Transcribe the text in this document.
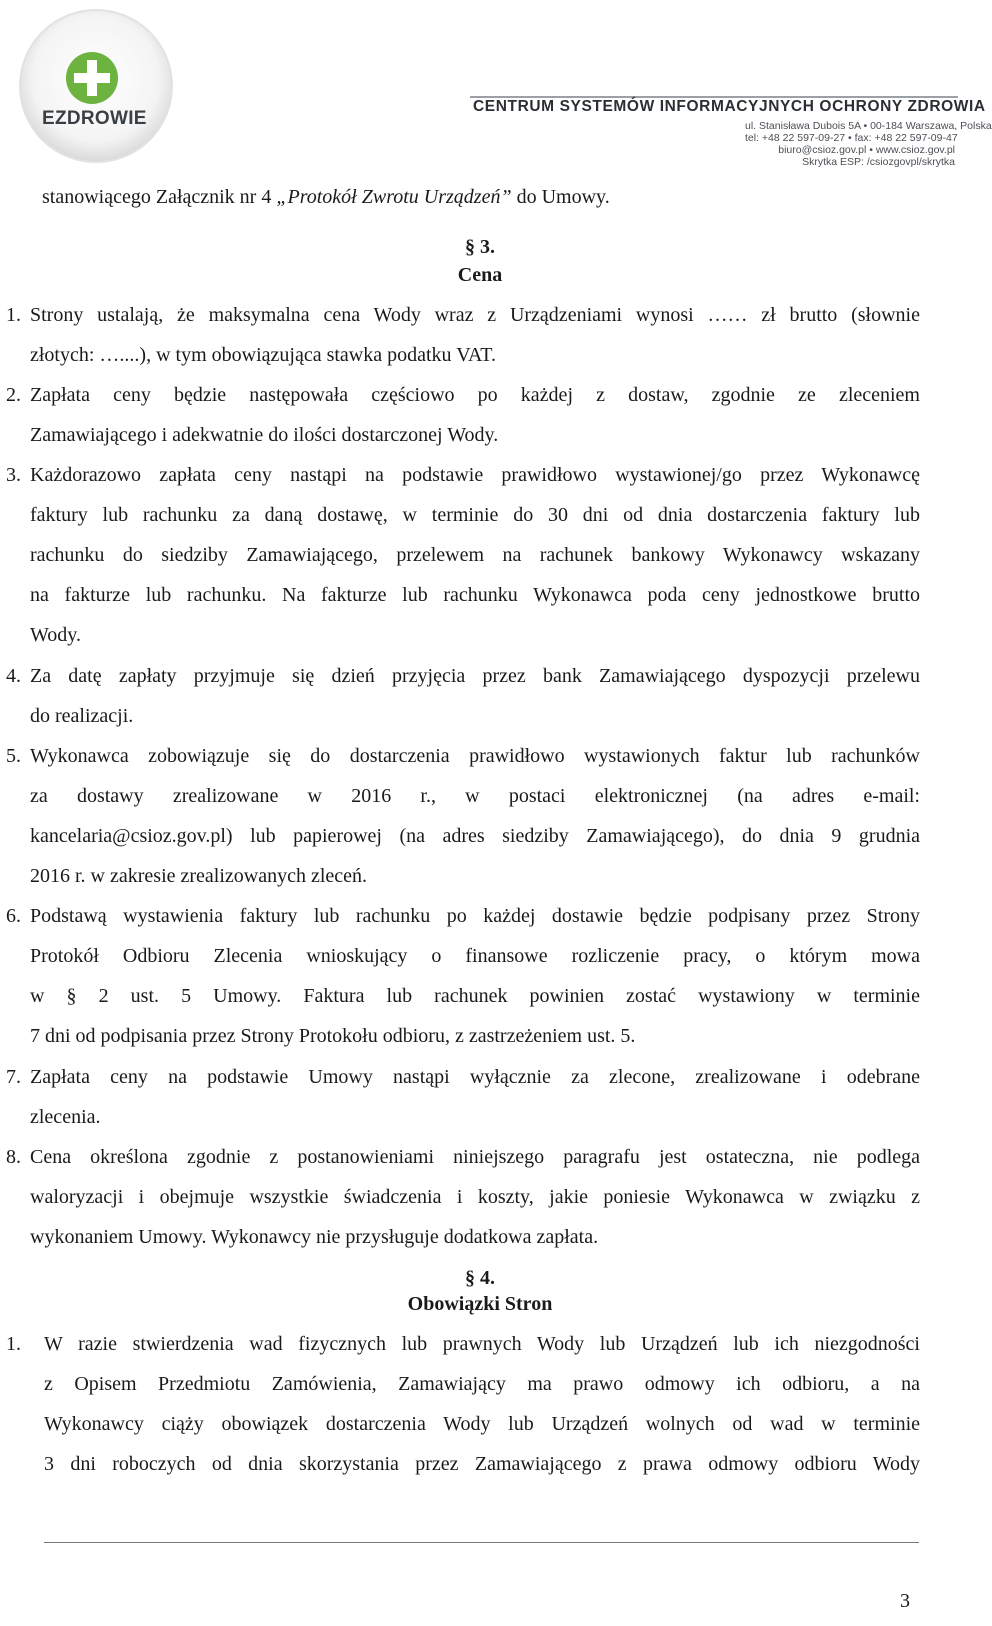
EZDROWIE
CENTRUM SYSTEMÓW INFORMACYJNYCH OCHRONY ZDROWIA
ul. Stanisława Dubois 5A • 00-184 Warszawa, Polska
tel: +48 22 597-09-27 • fax: +48 22 597-09-47
biuro@csioz.gov.pl • www.csioz.gov.pl
Skrytka ESP: /csiozgovpl/skrytka
stanowiącego Załącznik nr 4 „Protokół Zwrotu Urządzeń” do Umowy.
§ 3.
Cena
1. Strony ustalają, że maksymalna cena Wody wraz z Urządzeniami wynosi …… zł brutto (słownie
złotych: …....), w tym obowiązująca stawka podatku VAT.
2. Zapłata ceny będzie następowała częściowo po każdej z dostaw, zgodnie ze zleceniem
Zamawiającego i adekwatnie do ilości dostarczonej Wody.
3. Każdorazowo zapłata ceny nastąpi na podstawie prawidłowo wystawionej/go przez Wykonawcę
faktury lub rachunku za daną dostawę, w terminie do 30 dni od dnia dostarczenia faktury lub
rachunku do siedziby Zamawiającego, przelewem na rachunek bankowy Wykonawcy wskazany
na fakturze lub rachunku. Na fakturze lub rachunku Wykonawca poda ceny jednostkowe brutto
Wody.
4. Za datę zapłaty przyjmuje się dzień przyjęcia przez bank Zamawiającego dyspozycji przelewu
do realizacji.
5. Wykonawca zobowiązuje się do dostarczenia prawidłowo wystawionych faktur lub rachunków
za dostawy zrealizowane w 2016 r., w postaci elektronicznej (na adres e-mail:
kancelaria@csioz.gov.pl) lub papierowej (na adres siedziby Zamawiającego), do dnia 9 grudnia
2016 r. w zakresie zrealizowanych zleceń.
6. Podstawą wystawienia faktury lub rachunku po każdej dostawie będzie podpisany przez Strony
Protokół Odbioru Zlecenia wnioskujący o finansowe rozliczenie pracy, o którym mowa
w § 2 ust. 5 Umowy. Faktura lub rachunek powinien zostać wystawiony w terminie
7 dni od podpisania przez Strony Protokołu odbioru, z zastrzeżeniem ust. 5.
7. Zapłata ceny na podstawie Umowy nastąpi wyłącznie za zlecone, zrealizowane i odebrane
zlecenia.
8. Cena określona zgodnie z postanowieniami niniejszego paragrafu jest ostateczna, nie podlega
waloryzacji i obejmuje wszystkie świadczenia i koszty, jakie poniesie Wykonawca w związku z
wykonaniem Umowy. Wykonawcy nie przysługuje dodatkowa zapłata.
§ 4.
Obowiązki Stron
1. W razie stwierdzenia wad fizycznych lub prawnych Wody lub Urządzeń lub ich niezgodności
z Opisem Przedmiotu Zamówienia, Zamawiający ma prawo odmowy ich odbioru, a na
Wykonawcy ciąży obowiązek dostarczenia Wody lub Urządzeń wolnych od wad w terminie
3 dni roboczych od dnia skorzystania przez Zamawiającego z prawa odmowy odbioru Wody
3
